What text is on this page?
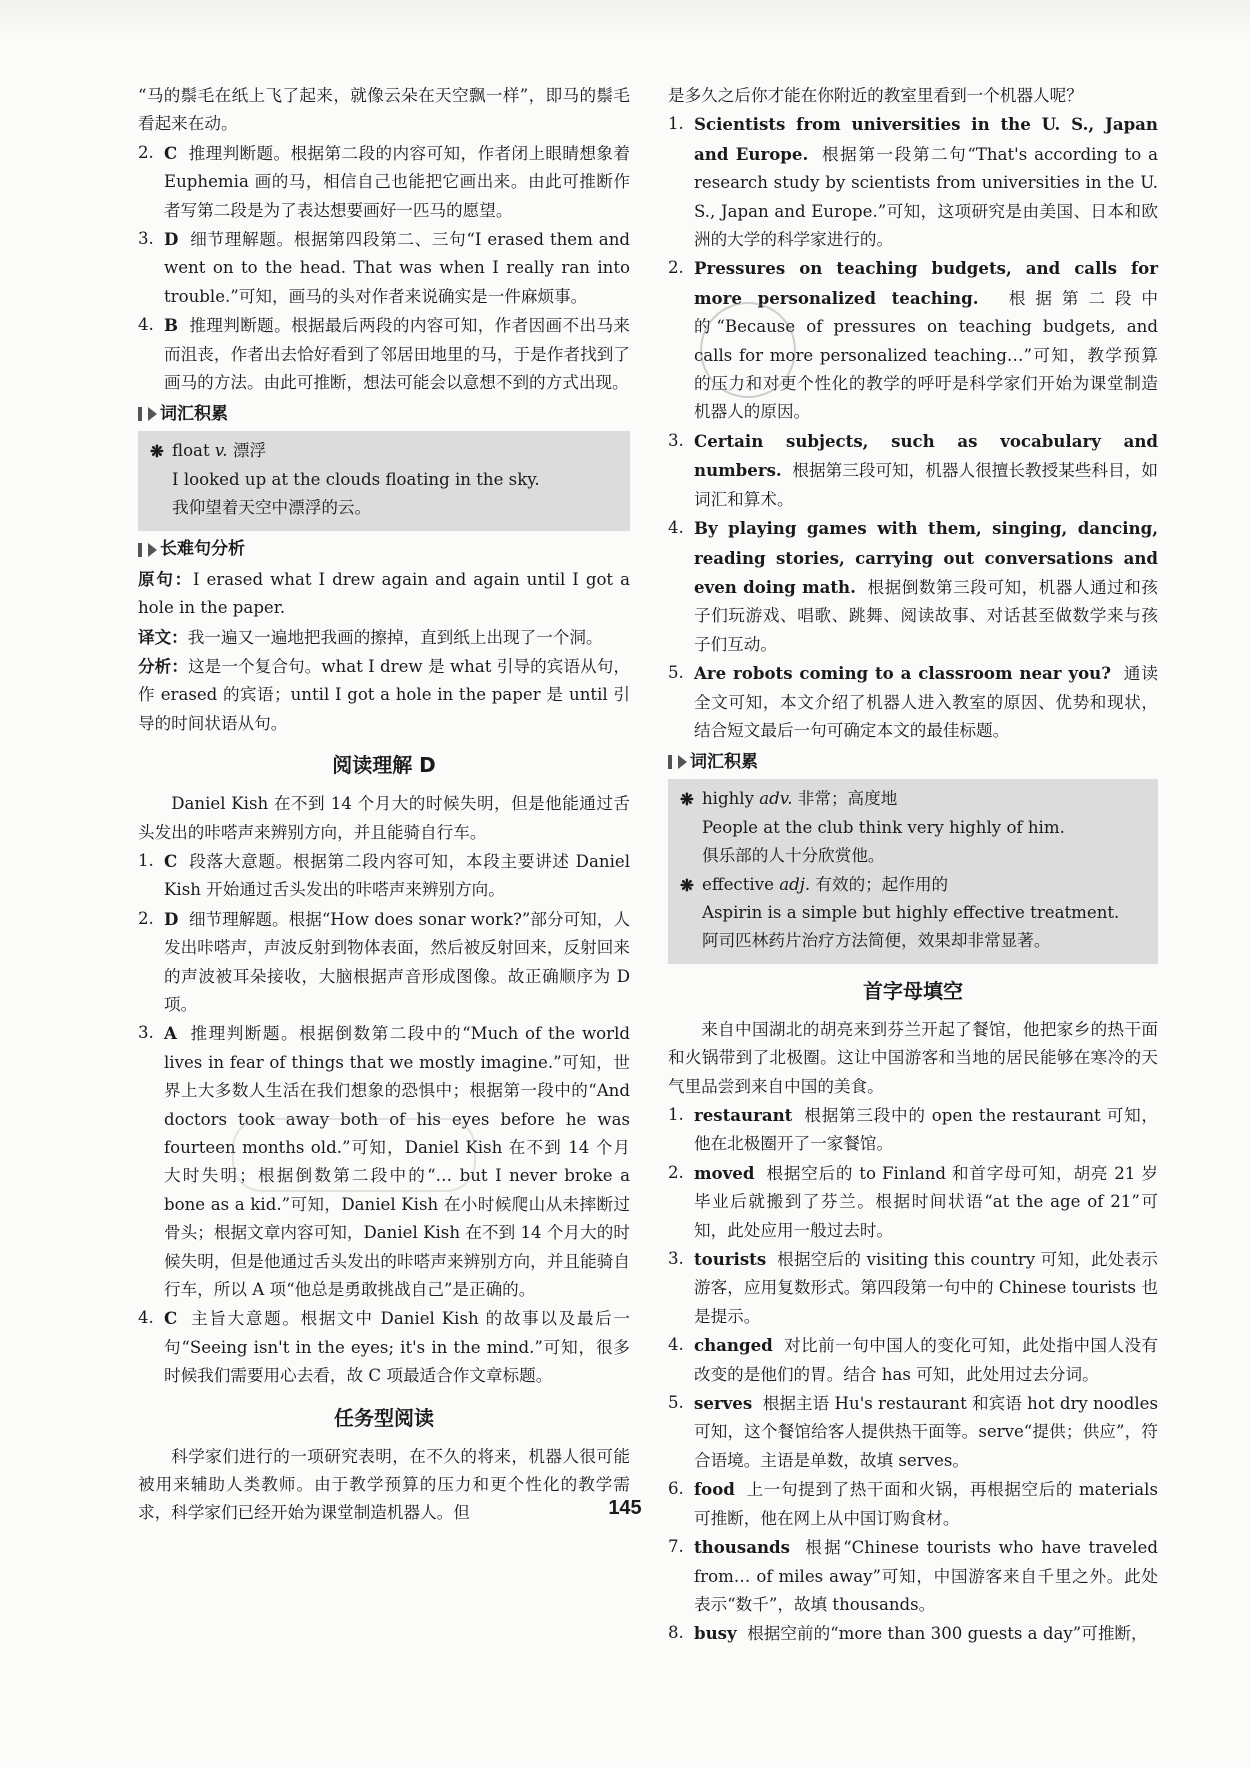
“马的鬃毛在纸上飞了起来，就像云朵在天空飘一样”，即马的鬃毛看起来在动。

2. C 推理判断题。根据第二段的内容可知，作者闭上眼睛想象着 Euphemia 画的马，相信自己也能把它画出来。由此可推断作者写第二段是为了表达想要画好一匹马的愿望。

3. D 细节理解题。根据第四段第二、三句“I erased them and went on to the head. That was when I really ran into trouble.”可知，画马的头对作者来说确实是一件麻烦事。

4. B 推理判断题。根据最后两段的内容可知，作者因画不出马来而沮丧，作者出去恰好看到了邻居田地里的马，于是作者找到了画马的方法。由此可推断，想法可能会以意想不到的方式出现。

词汇积累
❋ float v. 漂浮
I looked up at the clouds floating in the sky.
我仰望着天空中漂浮的云。
长难句分析

原句：I erased what I drew again and again until I got a hole in the paper.

译文：我一遍又一遍地把我画的擦掉，直到纸上出现了一个洞。

分析：这是一个复合句。what I drew 是 what 引导的宾语从句，作 erased 的宾语；until I got a hole in the paper 是 until 引导的时间状语从句。

阅读理解 D

Daniel Kish 在不到 14 个月大的时候失明，但是他能通过舌头发出的咔嗒声来辨别方向，并且能骑自行车。

1. C 段落大意题。根据第二段内容可知，本段主要讲述 Daniel Kish 开始通过舌头发出的咔嗒声来辨别方向。

2. D 细节理解题。根据“How does sonar work?”部分可知，人发出咔嗒声，声波反射到物体表面，然后被反射回来，反射回来的声波被耳朵接收，大脑根据声音形成图像。故正确顺序为 D 项。

3. A 推理判断题。根据倒数第二段中的“Much of the world lives in fear of things that we mostly imagine.”可知，世界上大多数人生活在我们想象的恐惧中；根据第一段中的“And doctors took away both of his eyes before he was fourteen months old.”可知，Daniel Kish 在不到 14 个月大时失明；根据倒数第二段中的“… but I never broke a bone as a kid.”可知，Daniel Kish 在小时候爬山从未摔断过骨头；根据文章内容可知，Daniel Kish 在不到 14 个月大的时候失明，但是他通过舌头发出的咔嗒声来辨别方向，并且能骑自行车，所以 A 项“他总是勇敢挑战自己”是正确的。

4. C 主旨大意题。根据文中 Daniel Kish 的故事以及最后一句“Seeing isn't in the eyes; it's in the mind.”可知，很多时候我们需要用心去看，故 C 项最适合作文章标题。

任务型阅读

科学家们进行的一项研究表明，在不久的将来，机器人很可能被用来辅助人类教师。由于教学预算的压力和更个性化的教学需求，科学家们已经开始为课堂制造机器人。但

是多久之后你才能在你附近的教室里看到一个机器人呢？

1. Scientists from universities in the U. S., Japan and Europe. 根据第一段第二句“That's according to a research study by scientists from universities in the U. S., Japan and Europe.”可知，这项研究是由美国、日本和欧洲的大学的科学家进行的。

2. Pressures on teaching budgets, and calls for more personalized teaching. 根据第二段中的“Because of pressures on teaching budgets, and calls for more personalized teaching…”可知，教学预算的压力和对更个性化的教学的呼吁是科学家们开始为课堂制造机器人的原因。

3. Certain subjects, such as vocabulary and numbers. 根据第三段可知，机器人很擅长教授某些科目，如词汇和算术。

4. By playing games with them, singing, dancing, reading stories, carrying out conversations and even doing math. 根据倒数第三段可知，机器人通过和孩子们玩游戏、唱歌、跳舞、阅读故事、对话甚至做数学来与孩子们互动。

5. Are robots coming to a classroom near you? 通读全文可知，本文介绍了机器人进入教室的原因、优势和现状，结合短文最后一句可确定本文的最佳标题。

词汇积累
❋ highly adv. 非常；高度地
People at the club think very highly of him.
俱乐部的人十分欣赏他。
❋ effective adj. 有效的；起作用的
Aspirin is a simple but highly effective treatment.
阿司匹林药片治疗方法简便，效果却非常显著。
首字母填空

来自中国湖北的胡亮来到芬兰开起了餐馆，他把家乡的热干面和火锅带到了北极圈。这让中国游客和当地的居民能够在寒冷的天气里品尝到来自中国的美食。

1. restaurant 根据第三段中的 open the restaurant 可知，他在北极圈开了一家餐馆。

2. moved 根据空后的 to Finland 和首字母可知，胡亮 21 岁毕业后就搬到了芬兰。根据时间状语“at the age of 21”可知，此处应用一般过去时。

3. tourists 根据空后的 visiting this country 可知，此处表示游客，应用复数形式。第四段第一句中的 Chinese tourists 也是提示。

4. changed 对比前一句中国人的变化可知，此处指中国人没有改变的是他们的胃。结合 has 可知，此处用过去分词。

5. serves 根据主语 Hu's restaurant 和宾语 hot dry noodles 可知，这个餐馆给客人提供热干面等。serve“提供；供应”，符合语境。主语是单数，故填 serves。

6. food 上一句提到了热干面和火锅，再根据空后的 materials 可推断，他在网上从中国订购食材。

7. thousands 根据“Chinese tourists who have traveled from… of miles away”可知，中国游客来自千里之外。此处表示“数千”，故填 thousands。

8. busy 根据空前的“more than 300 guests a day”可推断，

145
